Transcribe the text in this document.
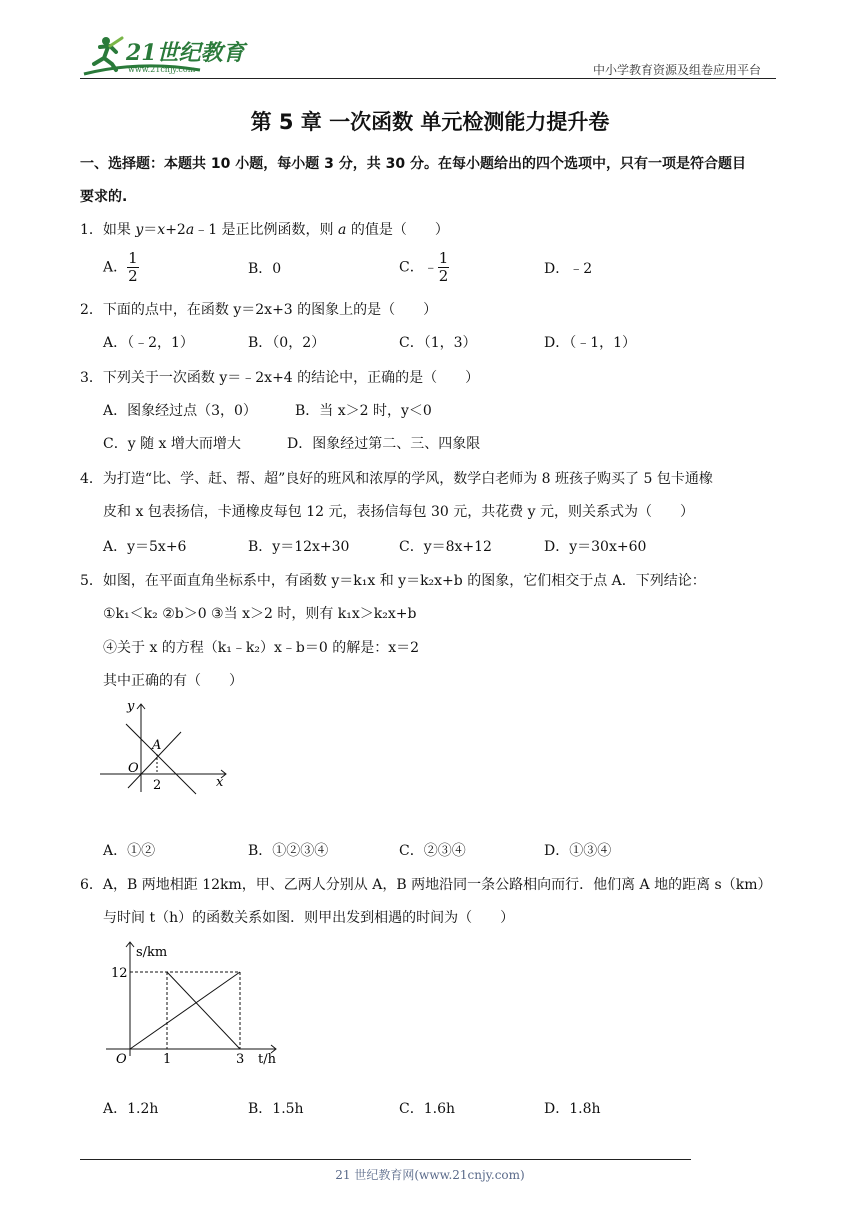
21世纪教育
www.21cnjy.com	中小学教育资源及组卷应用平台
第 5 章 一次函数 单元检测能力提升卷
一、选择题：本题共 10 小题，每小题 3 分，共 30 分。在每小题给出的四个选项中，只有一项是符合题目
要求的.
1．如果 y＝x+2a﹣1 是正比例函数，则 a 的值是（　　）
A． $\frac{1}{2}$	B．0	C．﹣ $\frac{1}{2}$	D．﹣2
2．下面的点中，在函数 y＝2x+3 的图象上的是（　　）
A．（﹣2，1）	B．（0，2）	C．（1，3）	D．（﹣1，1）
3．下列关于一次函数 y＝﹣2x+4 的结论中，正确的是（　　）
A．图象经过点（3，0）	B．当 x＞2 时，y＜0
C．y 随 x 增大而增大	D．图象经过第二、三、四象限
4．为打造“比、学、赶、帮、超”良好的班风和浓厚的学风，数学白老师为 8 班孩子购买了 5 包卡通橡
皮和 x 包表扬信，卡通橡皮每包 12 元，表扬信每包 30 元，共花费 y 元，则关系式为（　　）
A．y＝5x+6	B．y＝12x+30	C．y＝8x+12	D．y＝30x+60
5．如图，在平面直角坐标系中，有函数 y＝k₁x 和 y＝k₂x+b 的图象，它们相交于点 A．下列结论：
①k₁＜k₂ ②b＞0 ③当 x＞2 时，则有 k₁x＞k₂x+b
④关于 x 的方程（k₁﹣k₂）x﹣b＝0 的解是：x＝2
其中正确的有（　　）
y
x
A
O
2
A．①②	B．①②③④	C．②③④	D．①③④
6．A，B 两地相距 12km，甲、乙两人分别从 A，B 两地沿同一条公路相向而行．他们离 A 地的距离 s（km）
与时间 t（h）的函数关系如图．则甲出发到相遇的时间为（　　）
s/km
12
O	1	3 t/h
A．1.2h	B．1.5h	C．1.6h	D．1.8h
21 世纪教育网(www.21cnjy.com)
